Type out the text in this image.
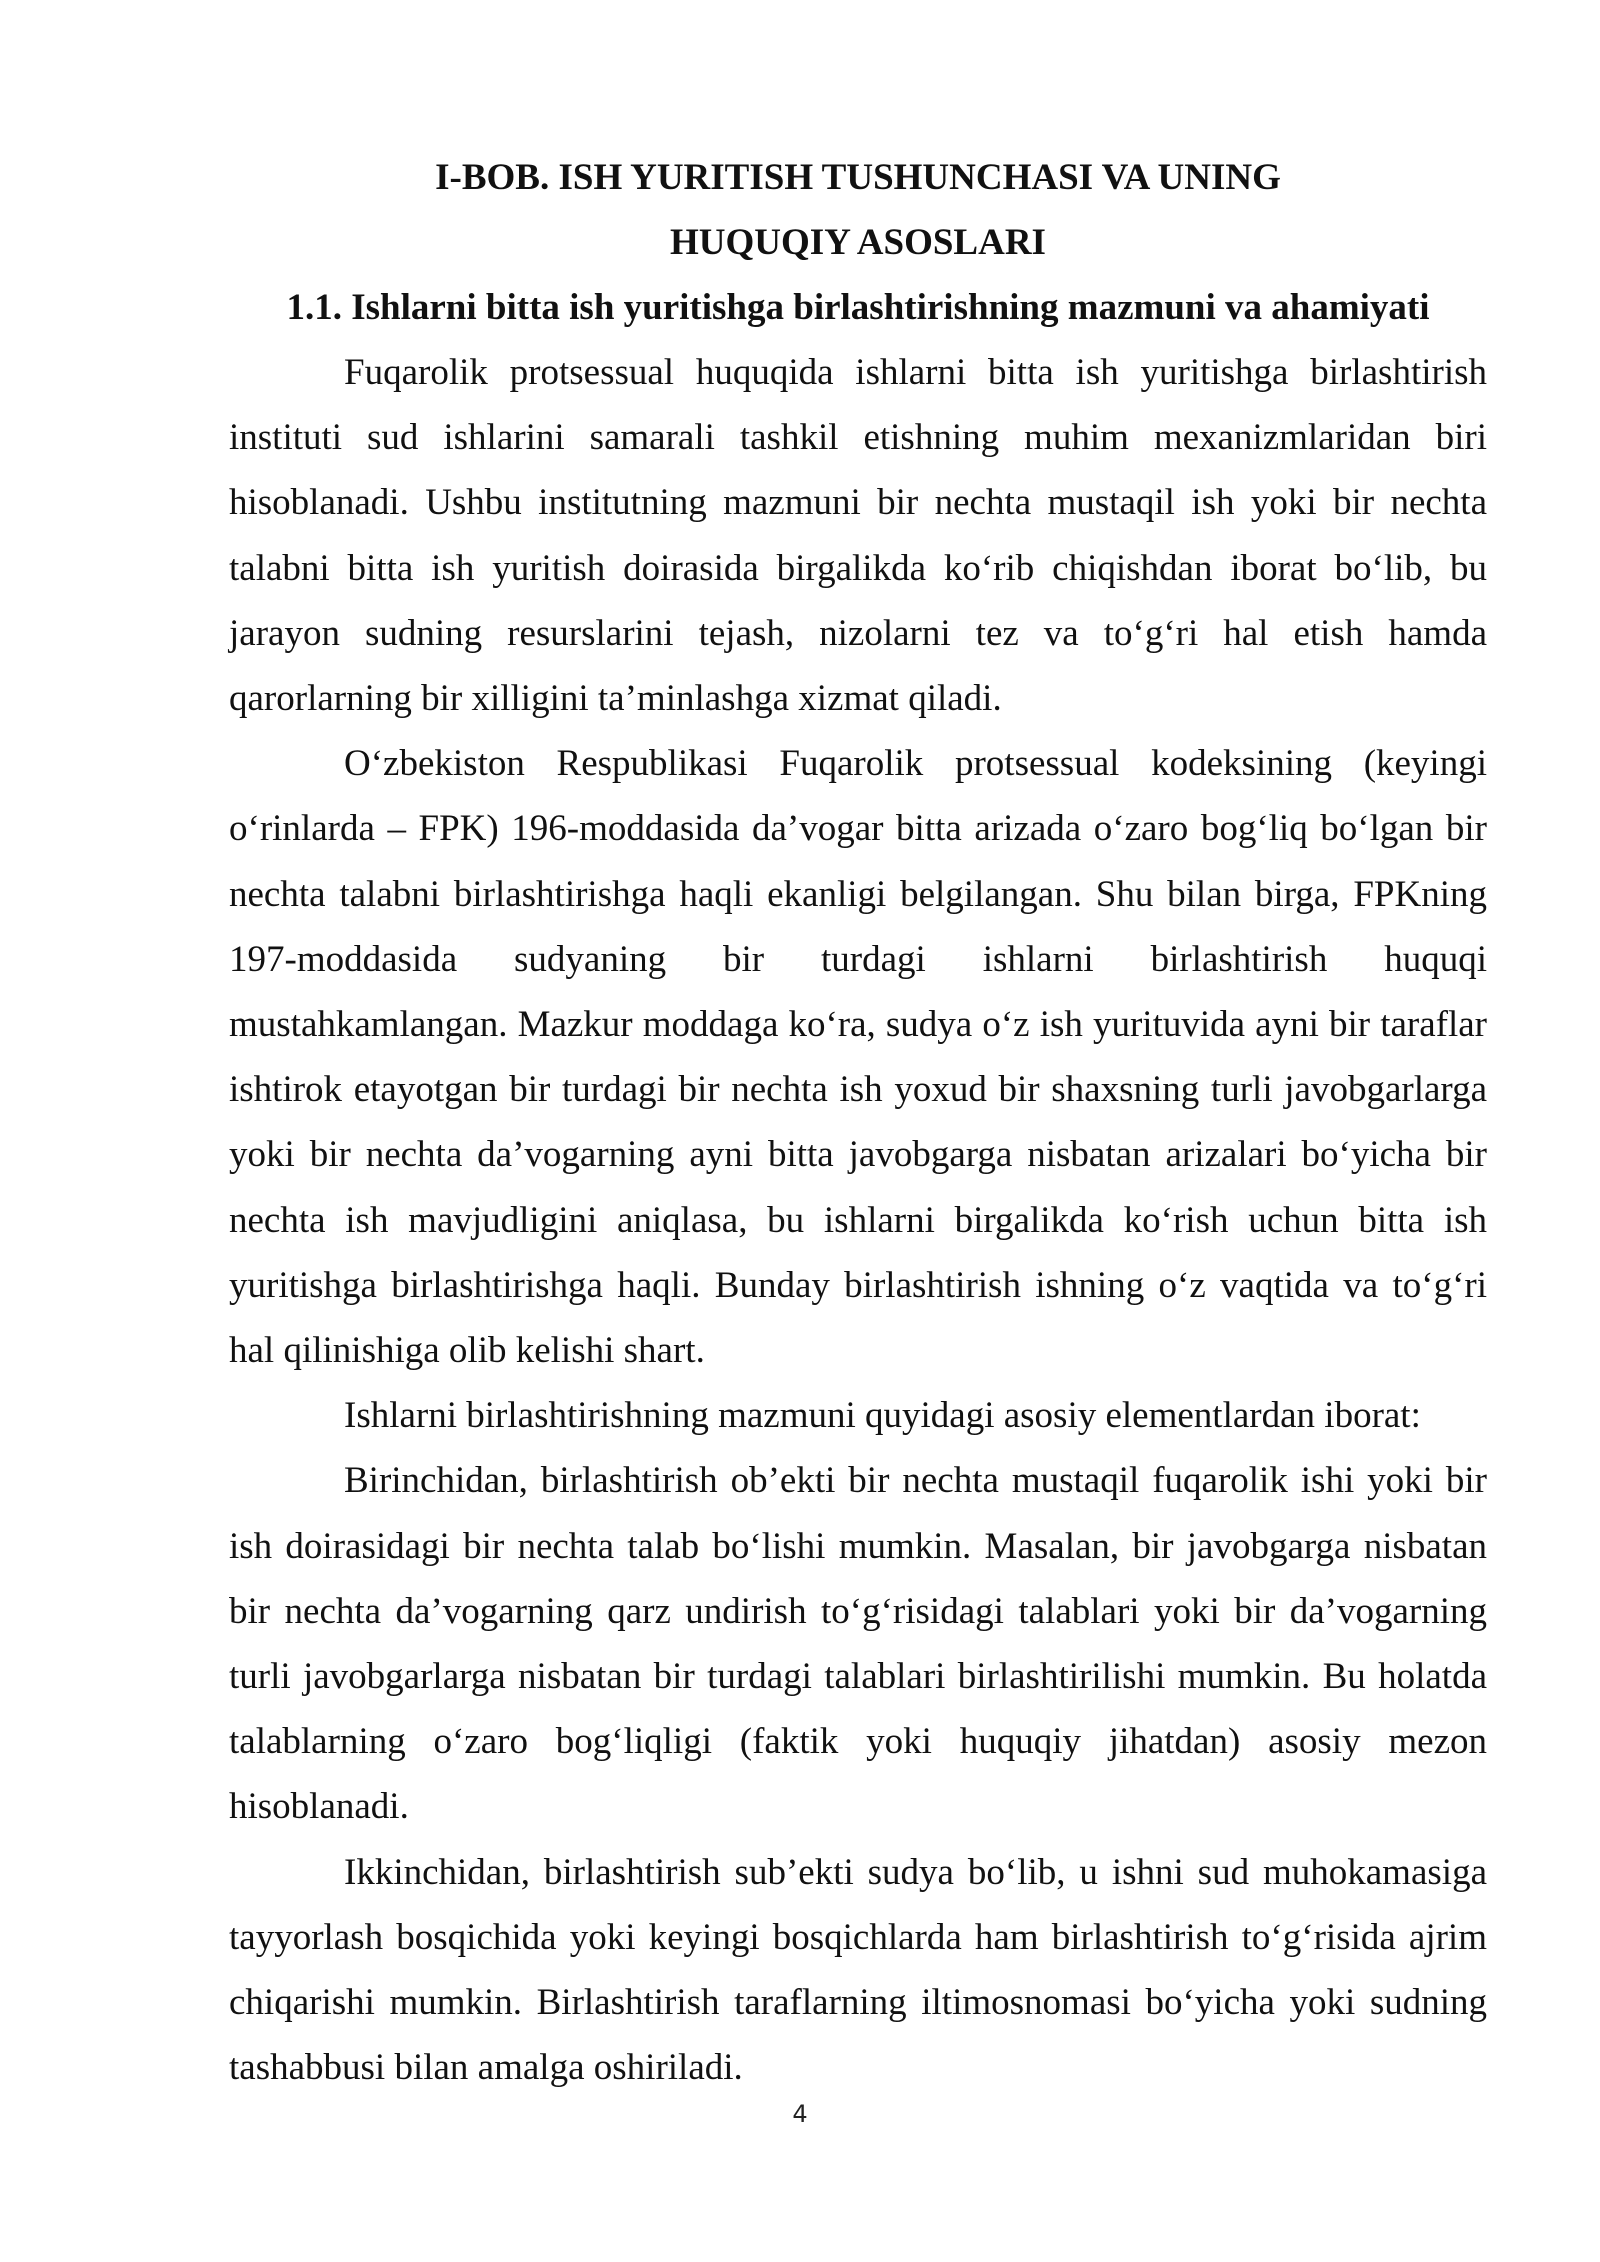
I-BOB. ISH YURITISH TUSHUNCHASI VA UNING HUQUQIY ASOSLARI
1.1. Ishlarni bitta ish yuritishga birlashtirishning mazmuni va ahamiyati

Fuqarolik protsessual huquqida ishlarni bitta ish yuritishga birlashtirish instituti sud ishlarini samarali tashkil etishning muhim mexanizmlaridan biri hisoblanadi. Ushbu institutning mazmuni bir nechta mustaqil ish yoki bir nechta talabni bitta ish yuritish doirasida birgalikda koʻrib chiqishdan iborat boʻlib, bu jarayon sudning resurslarini tejash, nizolarni tez va toʻgʻri hal etish hamda qarorlarning bir xilligini taʼminlashga xizmat qiladi.

Oʻzbekiston Respublikasi Fuqarolik protsessual kodeksining (keyingi oʻrinlarda – FPK) 196-moddasida daʼvogar bitta arizada oʻzaro bogʻliq boʻlgan bir nechta talabni birlashtirishga haqli ekanligi belgilangan. Shu bilan birga, FPKning 197-moddasida sudyaning bir turdagi ishlarni birlashtirish huquqi mustahkamlangan. Mazkur moddaga koʻra, sudya oʻz ish yurituvida ayni bir taraflar ishtirok etayotgan bir turdagi bir nechta ish yoxud bir shaxsning turli javobgarlarga yoki bir nechta daʼvogarning ayni bitta javobgarga nisbatan arizalari boʻyicha bir nechta ish mavjudligini aniqlasa, bu ishlarni birgalikda koʻrish uchun bitta ish yuritishga birlashtirishga haqli. Bunday birlashtirish ishning oʻz vaqtida va toʻgʻri hal qilinishiga olib kelishi shart.

Ishlarni birlashtirishning mazmuni quyidagi asosiy elementlardan iborat:

Birinchidan, birlashtirish obʼekti bir nechta mustaqil fuqarolik ishi yoki bir ish doirasidagi bir nechta talab boʻlishi mumkin. Masalan, bir javobgarga nisbatan bir nechta daʼvogarning qarz undirish toʻgʻrisidagi talablari yoki bir daʼvogarning turli javobgarlarga nisbatan bir turdagi talablari birlashtirilishi mumkin. Bu holatda talablarning oʻzaro bogʻliqligi (faktik yoki huquqiy jihatdan) asosiy mezon hisoblanadi.

Ikkinchidan, birlashtirish subʼekti sudya boʻlib, u ishni sud muhokamasiga tayyorlash bosqichida yoki keyingi bosqichlarda ham birlashtirish toʻgʻrisida ajrim chiqarishi mumkin. Birlashtirish taraflarning iltimosnomasi boʻyicha yoki sudning tashabbusi bilan amalga oshiriladi.

4
